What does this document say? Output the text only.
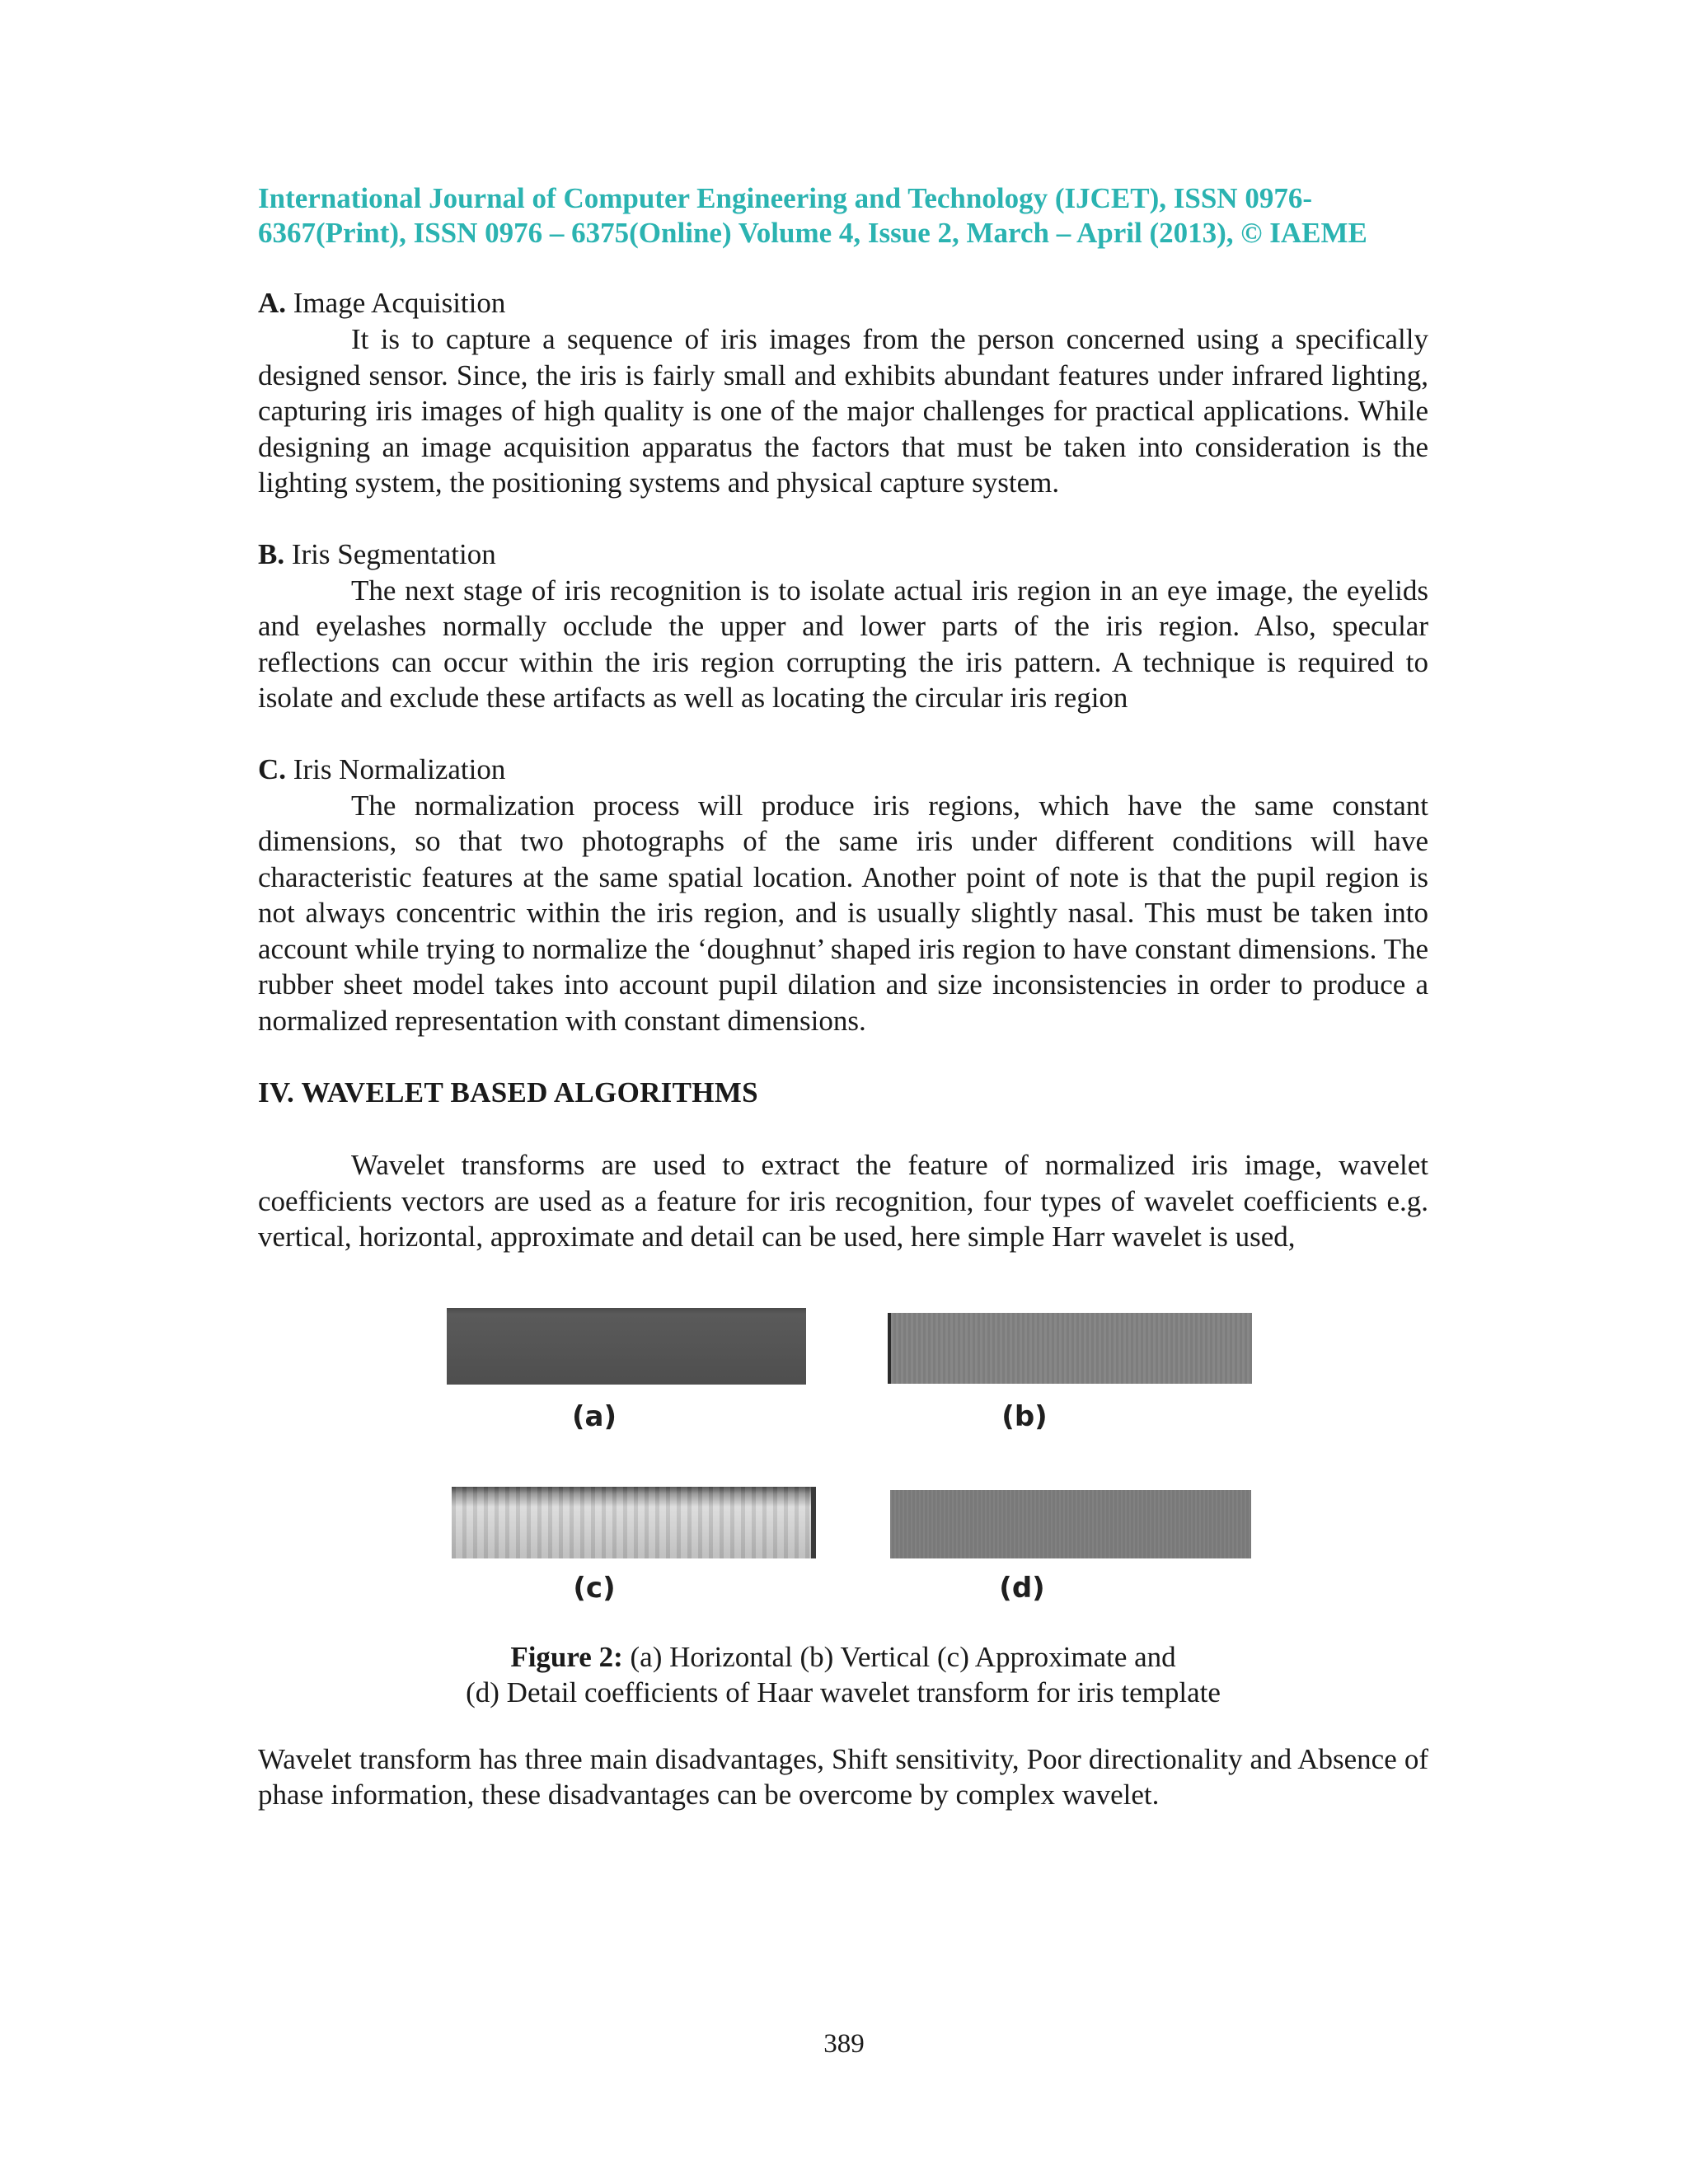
International Journal of Computer Engineering and Technology (IJCET), ISSN 0976-
6367(Print), ISSN 0976 – 6375(Online) Volume 4, Issue 2, March – April (2013), © IAEME

A. Image Acquisition

It is to capture a sequence of iris images from the person concerned using a specifically designed sensor. Since, the iris is fairly small and exhibits abundant features under infrared lighting, capturing iris images of high quality is one of the major challenges for practical applications. While designing an image acquisition apparatus the factors that must be taken into consideration is the lighting system, the positioning systems and physical capture system.

B. Iris Segmentation

The next stage of iris recognition is to isolate actual iris region in an eye image, the eyelids and eyelashes normally occlude the upper and lower parts of the iris region. Also, specular reflections can occur within the iris region corrupting the iris pattern. A technique is required to isolate and exclude these artifacts as well as locating the circular iris region

C. Iris Normalization

The normalization process will produce iris regions, which have the same constant dimensions, so that two photographs of the same iris under different conditions will have characteristic features at the same spatial location. Another point of note is that the pupil region is not always concentric within the iris region, and is usually slightly nasal. This must be taken into account while trying to normalize the ‘doughnut’ shaped iris region to have constant dimensions. The rubber sheet model takes into account pupil dilation and size inconsistencies in order to produce a normalized representation with constant dimensions.

IV. WAVELET BASED ALGORITHMS

Wavelet transforms are used to extract the feature of normalized iris image, wavelet coefficients vectors are used as a feature for iris recognition, four types of wavelet coefficients e.g. vertical, horizontal, approximate and detail can be used, here simple Harr wavelet is used,

(a)	(b)
(c)	(d)

Figure 2: (a) Horizontal (b) Vertical (c) Approximate and

(d) Detail coefficients of Haar wavelet transform for iris template

Wavelet transform has three main disadvantages, Shift sensitivity, Poor directionality and Absence of phase information, these disadvantages can be overcome by complex wavelet.

389
